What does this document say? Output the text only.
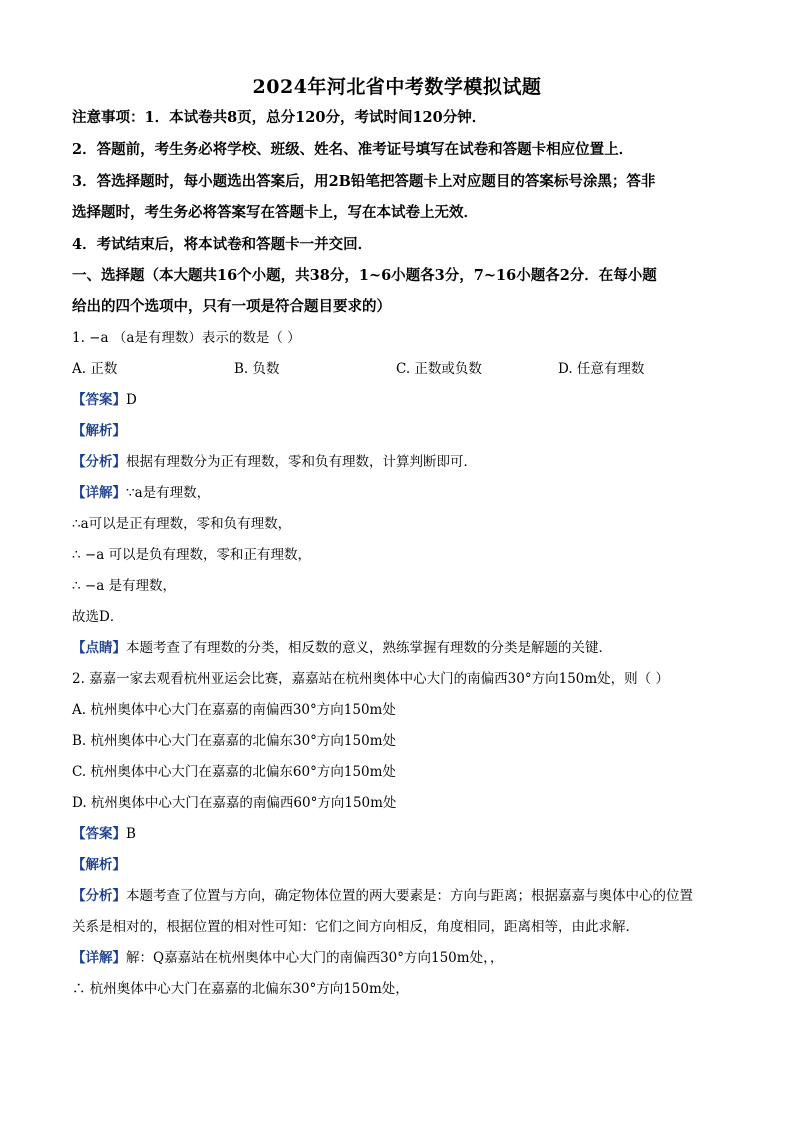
2024年河北省中考数学模拟试题
注意事项：1．本试卷共8页，总分120分，考试时间120分钟．
2．答题前，考生务必将学校、班级、姓名、准考证号填写在试卷和答题卡相应位置上．
3．答选择题时，每小题选出答案后，用2B铅笔把答题卡上对应题目的答案标号涂黑；答非
选择题时，考生务必将答案写在答题卡上，写在本试卷上无效．
4．考试结束后，将本试卷和答题卡一并交回．
一、选择题（本大题共16个小题，共38分，1~6小题各3分，7~16小题各2分．在每小题
给出的四个选项中，只有一项是符合题目要求的）
1. −a （a是有理数）表示的数是（ ）
A. 正数	B. 负数	C. 正数或负数	D. 任意有理数
【答案】D
【解析】
【分析】根据有理数分为正有理数，零和负有理数，计算判断即可．
【详解】∵a是有理数，
∴a可以是正有理数，零和负有理数，
∴ −a 可以是负有理数，零和正有理数，
∴ −a 是有理数，
故选D．
【点睛】本题考查了有理数的分类，相反数的意义，熟练掌握有理数的分类是解题的关键．
2. 嘉嘉一家去观看杭州亚运会比赛，嘉嘉站在杭州奥体中心大门的南偏西30°方向150m处，则（ ）
A. 杭州奥体中心大门在嘉嘉的南偏西30°方向150m处
B. 杭州奥体中心大门在嘉嘉的北偏东30°方向150m处
C. 杭州奥体中心大门在嘉嘉的北偏东60°方向150m处
D. 杭州奥体中心大门在嘉嘉的南偏西60°方向150m处
【答案】B
【解析】
【分析】本题考查了位置与方向，确定物体位置的两大要素是：方向与距离；根据嘉嘉与奥体中心的位置
关系是相对的，根据位置的相对性可知：它们之间方向相反，角度相同，距离相等，由此求解．
【详解】解：Q嘉嘉站在杭州奥体中心大门的南偏西30°方向150m处，，
∴ 杭州奥体中心大门在嘉嘉的北偏东30°方向150m处，
